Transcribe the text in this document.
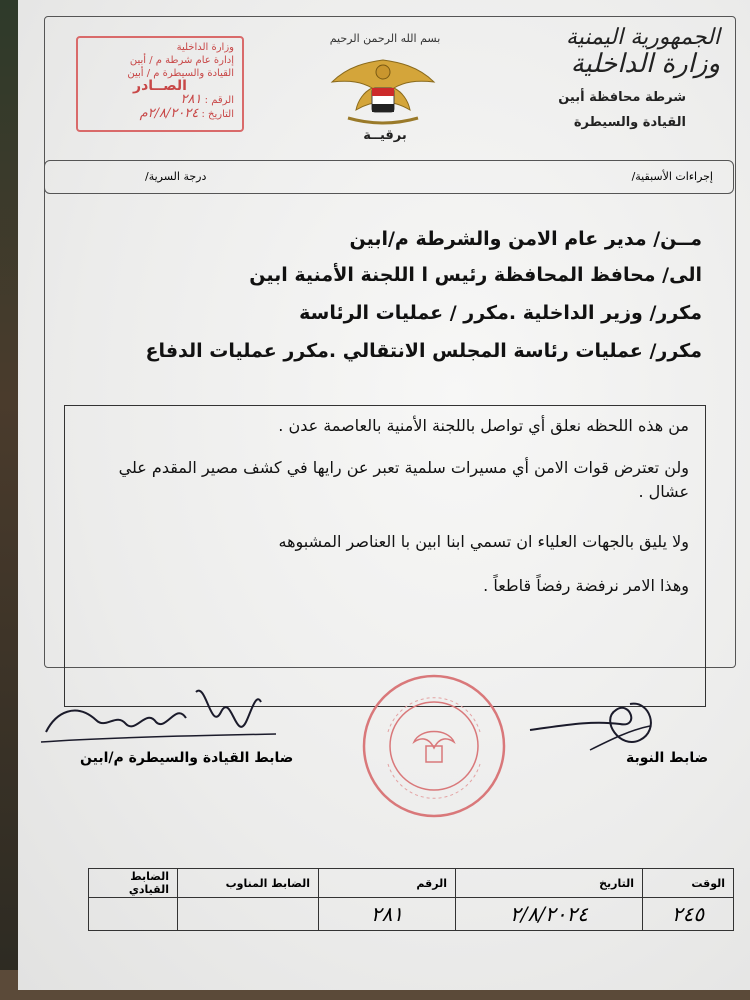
الجمهورية اليمنية
وزارة الداخلية
شرطة محافظة أبين
القيادة والسيطرة
بسم الله الرحمن الرحيم
برقيــة
وزارة الداخلية
إدارة عام شرطة م / أبين
القيادة والسيطرة م / أبين
الصــادر
الرقم : ٢٨١
التاريخ : ٢/٨/٢٠٢٤م
إجراءات الأسبقية/
درجة السرية/
مــن/ مدير عام الامن والشرطة م/ابين
الى/ محافظ المحافظة رئيس ا اللجنة الأمنية ابين
مكرر/ وزير الداخلية .مكرر / عمليات الرئاسة
مكرر/ عمليات رئاسة المجلس الانتقالي .مكرر عمليات الدفاع
من هذه اللحظه نعلق أي تواصل باللجنة الأمنية بالعاصمة عدن .
ولن تعترض قوات الامن أي مسيرات سلمية تعبر عن رايها في كشف مصير المقدم علي عشال .
ولا يليق بالجهات العلياء ان تسمي ابنا ابين با العناصر المشبوهه
وهذا الامر نرفضة رفضاً قاطعاً .
ضابط القيادة والسيطرة م/ابين	ضابط النوبة
الوقت	التاريخ	الرقم	الضابط المناوب	الضابط القيادي
٢٤٥	٢/٨/٢٠٢٤	٢٨١		
